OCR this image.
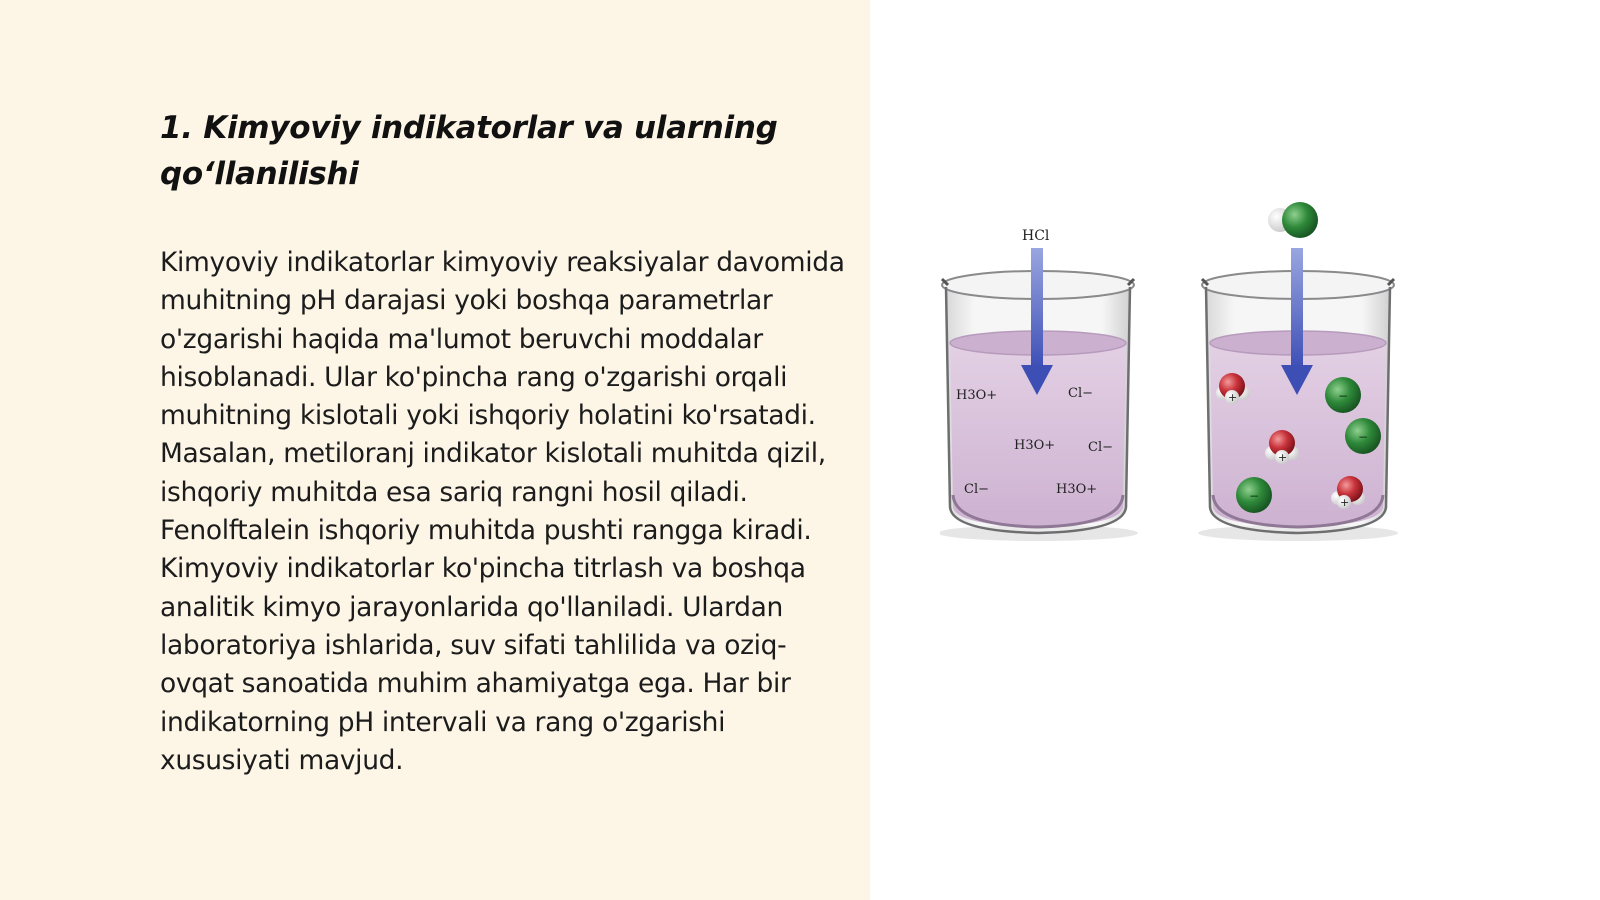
1. Kimyoviy indikatorlar va ularning qo‘llanilishi

Kimyoviy indikatorlar kimyoviy reaksiyalar davomida muhitning pH darajasi yoki boshqa parametrlar o'zgarishi haqida ma'lumot beruvchi moddalar hisoblanadi. Ular ko'pincha rang o'zgarishi orqali muhitning kislotali yoki ishqoriy holatini ko'rsatadi. Masalan, metiloranj indikator kislotali muhitda qizil, ishqoriy muhitda esa sariq rangni hosil qiladi. Fenolftalein ishqoriy muhitda pushti rangga kiradi. Kimyoviy indikatorlar ko'pincha titrlash va boshqa analitik kimyo jarayonlarida qo'llaniladi. Ulardan laboratoriya ishlarida, suv sifati tahlilida va oziq-ovqat sanoatida muhim ahamiyatga ega. Har bir indikatorning pH intervali va rang o'zgarishi xususiyati mavjud.

HCl
H3O+	Cl−
H3O+	Cl−
Cl−	H3O+
+
+
+
−
−
−
